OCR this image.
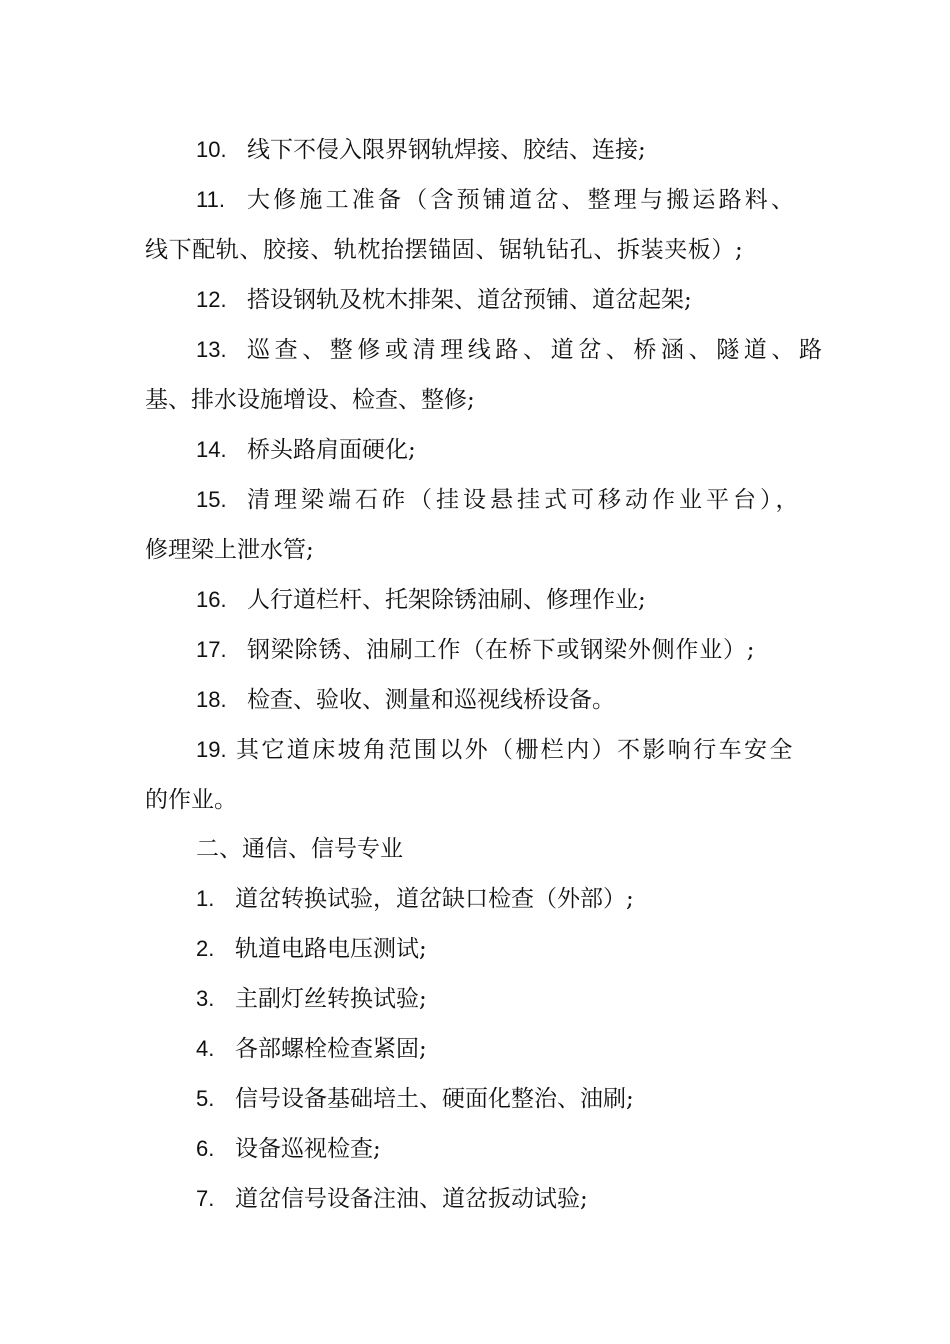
10. 线下不侵入限界钢轨焊接、胶结、连接;
11. 大修施工准备（含预铺道岔、整理与搬运路料、
线下配轨、胶接、轨枕抬摆锚固、锯轨钻孔、拆装夹板）;
12. 搭设钢轨及枕木排架、道岔预铺、道岔起架;
13. 巡查、整修或清理线路、道岔、桥涵、隧道、路
基、排水设施增设、检查、整修;
14. 桥头路肩面硬化;
15. 清理梁端石砟（挂设悬挂式可移动作业平台），
修理梁上泄水管;
16. 人行道栏杆、托架除锈油刷、修理作业;
17. 钢梁除锈、油刷工作（在桥下或钢梁外侧作业）;
18. 检查、验收、测量和巡视线桥设备。
19. 其它道床坡角范围以外（栅栏内）不影响行车安全
的作业。
二、通信、信号专业
1. 道岔转换试验，道岔缺口检查（外部）;
2. 轨道电路电压测试;
3. 主副灯丝转换试验;
4. 各部螺栓检查紧固;
5. 信号设备基础培土、硬面化整治、油刷;
6. 设备巡视检查;
7. 道岔信号设备注油、道岔扳动试验;
